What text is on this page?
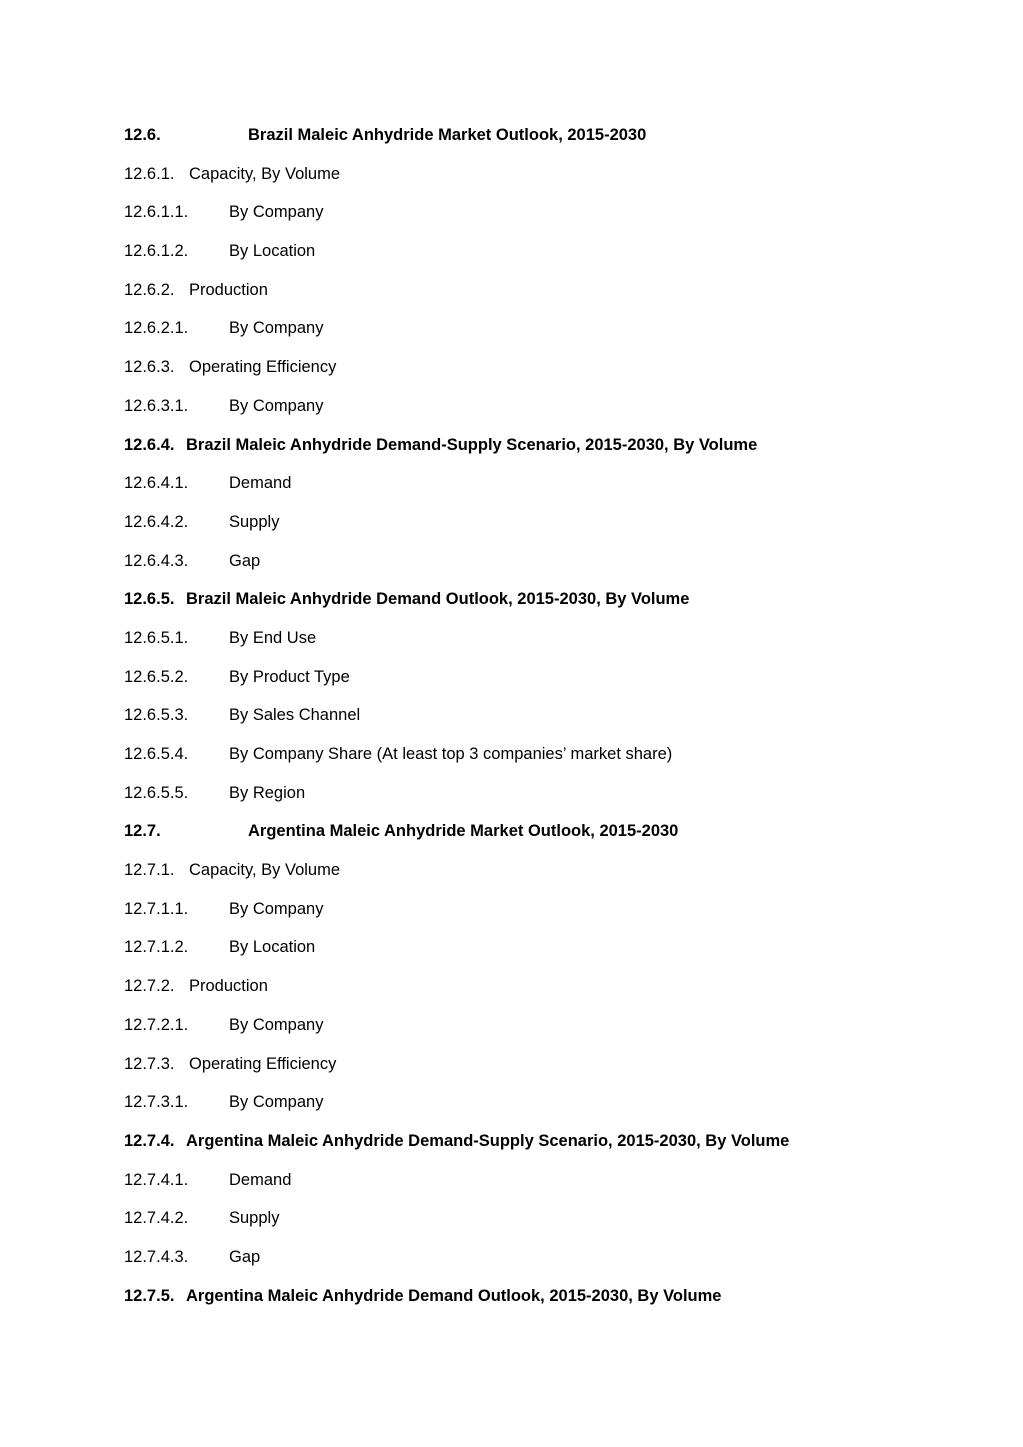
12.6.	Brazil Maleic Anhydride Market Outlook, 2015-2030
12.6.1. Capacity, By Volume
12.6.1.1.	By Company
12.6.1.2.	By Location
12.6.2. Production
12.6.2.1.	By Company
12.6.3. Operating Efficiency
12.6.3.1.	By Company
12.6.4. Brazil Maleic Anhydride Demand-Supply Scenario, 2015-2030, By Volume
12.6.4.1.	Demand
12.6.4.2.	Supply
12.6.4.3.	Gap
12.6.5. Brazil Maleic Anhydride Demand Outlook, 2015-2030, By Volume
12.6.5.1.	By End Use
12.6.5.2.	By Product Type
12.6.5.3.	By Sales Channel
12.6.5.4.	By Company Share (At least top 3 companies’ market share)
12.6.5.5.	By Region
12.7.	Argentina Maleic Anhydride Market Outlook, 2015-2030
12.7.1. Capacity, By Volume
12.7.1.1.	By Company
12.7.1.2.	By Location
12.7.2. Production
12.7.2.1.	By Company
12.7.3. Operating Efficiency
12.7.3.1.	By Company
12.7.4. Argentina Maleic Anhydride Demand-Supply Scenario, 2015-2030, By Volume
12.7.4.1.	Demand
12.7.4.2.	Supply
12.7.4.3.	Gap
12.7.5. Argentina Maleic Anhydride Demand Outlook, 2015-2030, By Volume
